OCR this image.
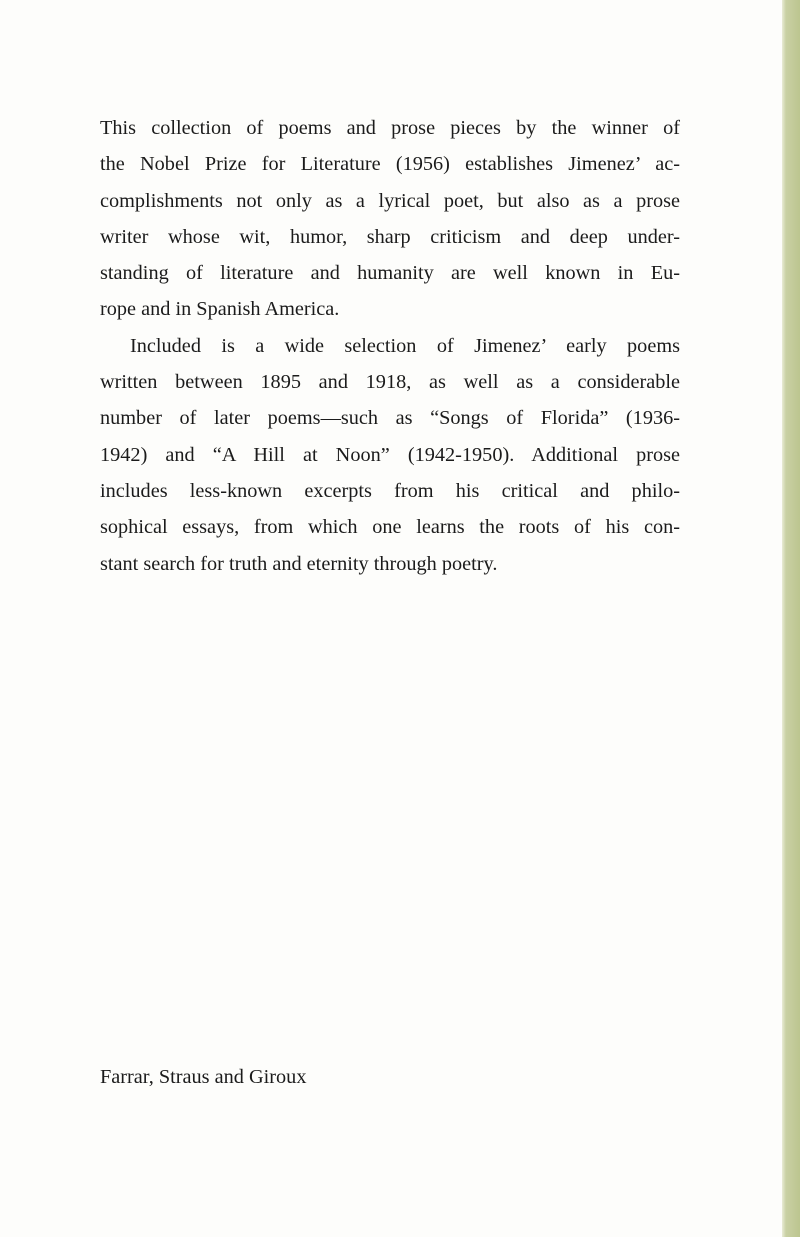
This collection of poems and prose pieces by the winner of
the Nobel Prize for Literature (1956) establishes Jimenez’ ac-
complishments not only as a lyrical poet, but also as a prose
writer whose wit, humor, sharp criticism and deep under-
standing of literature and humanity are well known in Eu-
rope and in Spanish America.
Included is a wide selection of Jimenez’ early poems
written between 1895 and 1918, as well as a considerable
number of later poems—such as “Songs of Florida” (1936-
1942) and “A Hill at Noon” (1942-1950). Additional prose
includes less-known excerpts from his critical and philo-
sophical essays, from which one learns the roots of his con-
stant search for truth and eternity through poetry.
Farrar, Straus and Giroux
